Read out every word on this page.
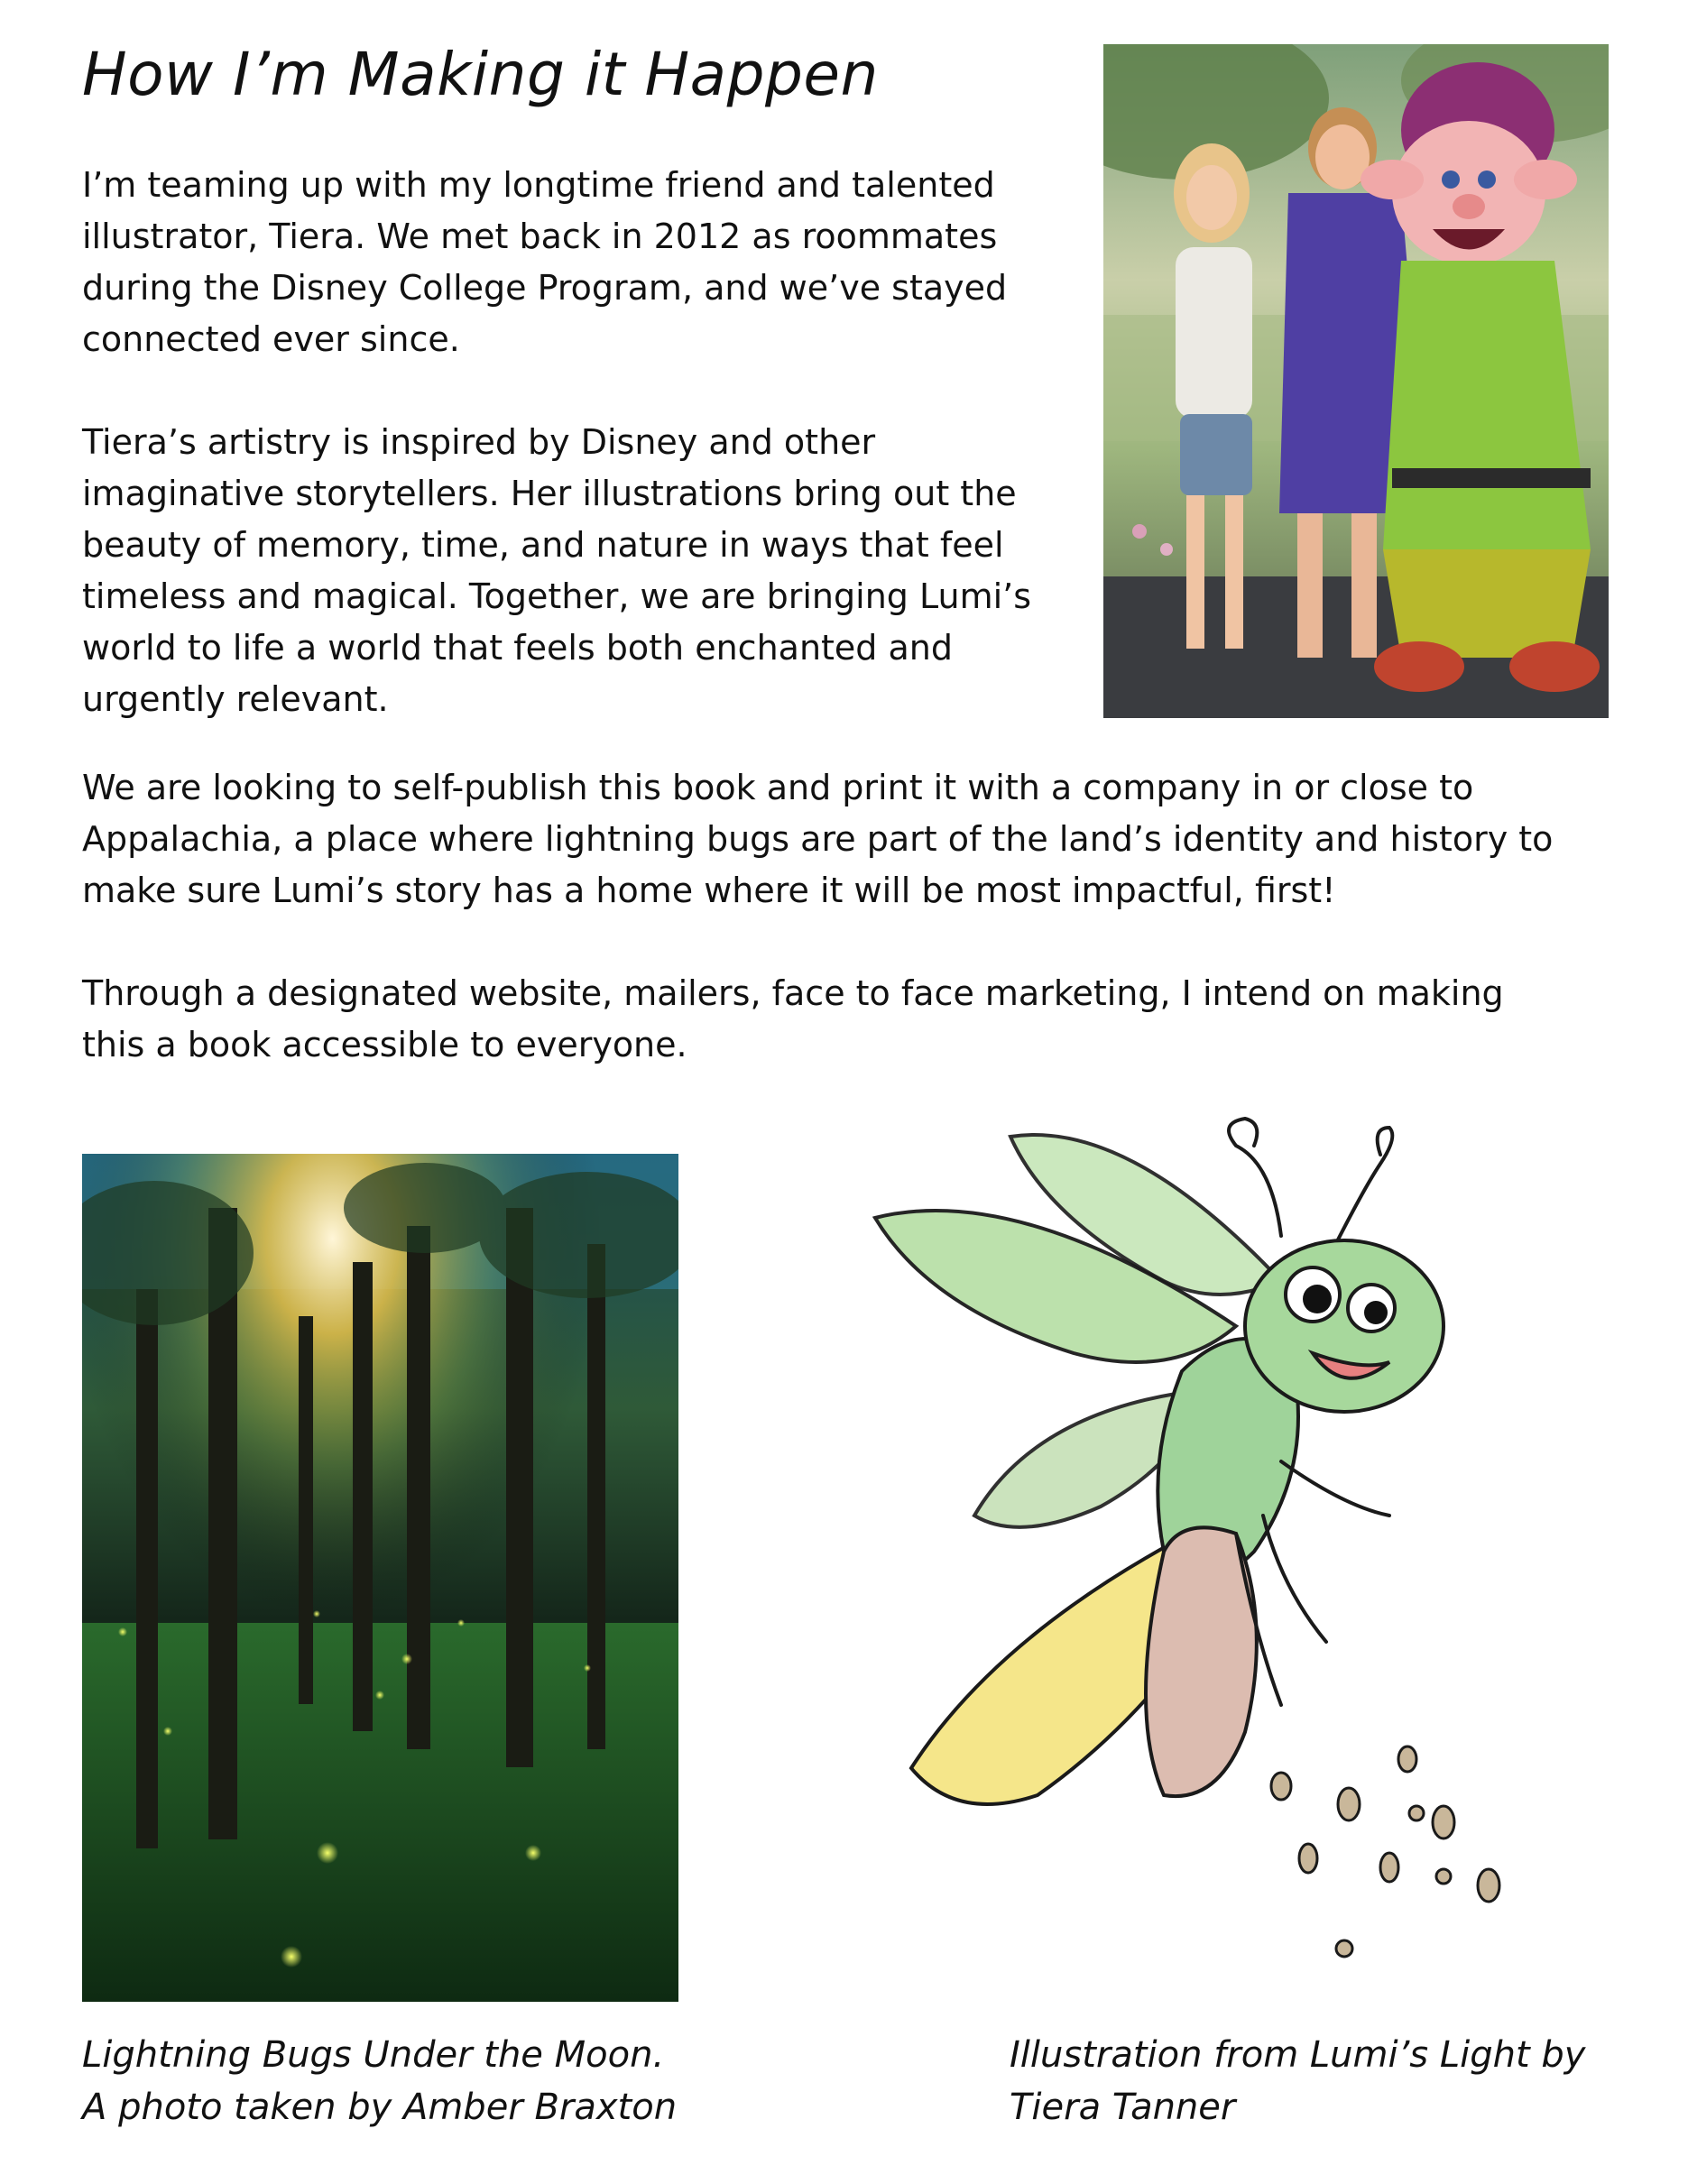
How I’m Making it Happen

I’m teaming up with my longtime friend and talented
illustrator, Tiera. We met back in 2012 as roommates
during the Disney College Program, and we’ve stayed
connected ever since.

Tiera’s artistry is inspired by Disney and other
imaginative storytellers. Her illustrations bring out the
beauty of memory, time, and nature in ways that feel
timeless and magical. Together, we are bringing Lumi’s
world to life a world that feels both enchanted and
urgently relevant.

We are looking to self-publish this book and print it with a company in or close to
Appalachia, a place where lightning bugs are part of the land’s identity and history to
make sure Lumi’s story has a home where it will be most impactful, first!

Through a designated website, mailers, face to face marketing, I intend on making
this a book accessible to everyone.

Lightning Bugs Under the Moon.
A photo taken by Amber Braxton

Illustration from Lumi’s Light by
Tiera Tanner
